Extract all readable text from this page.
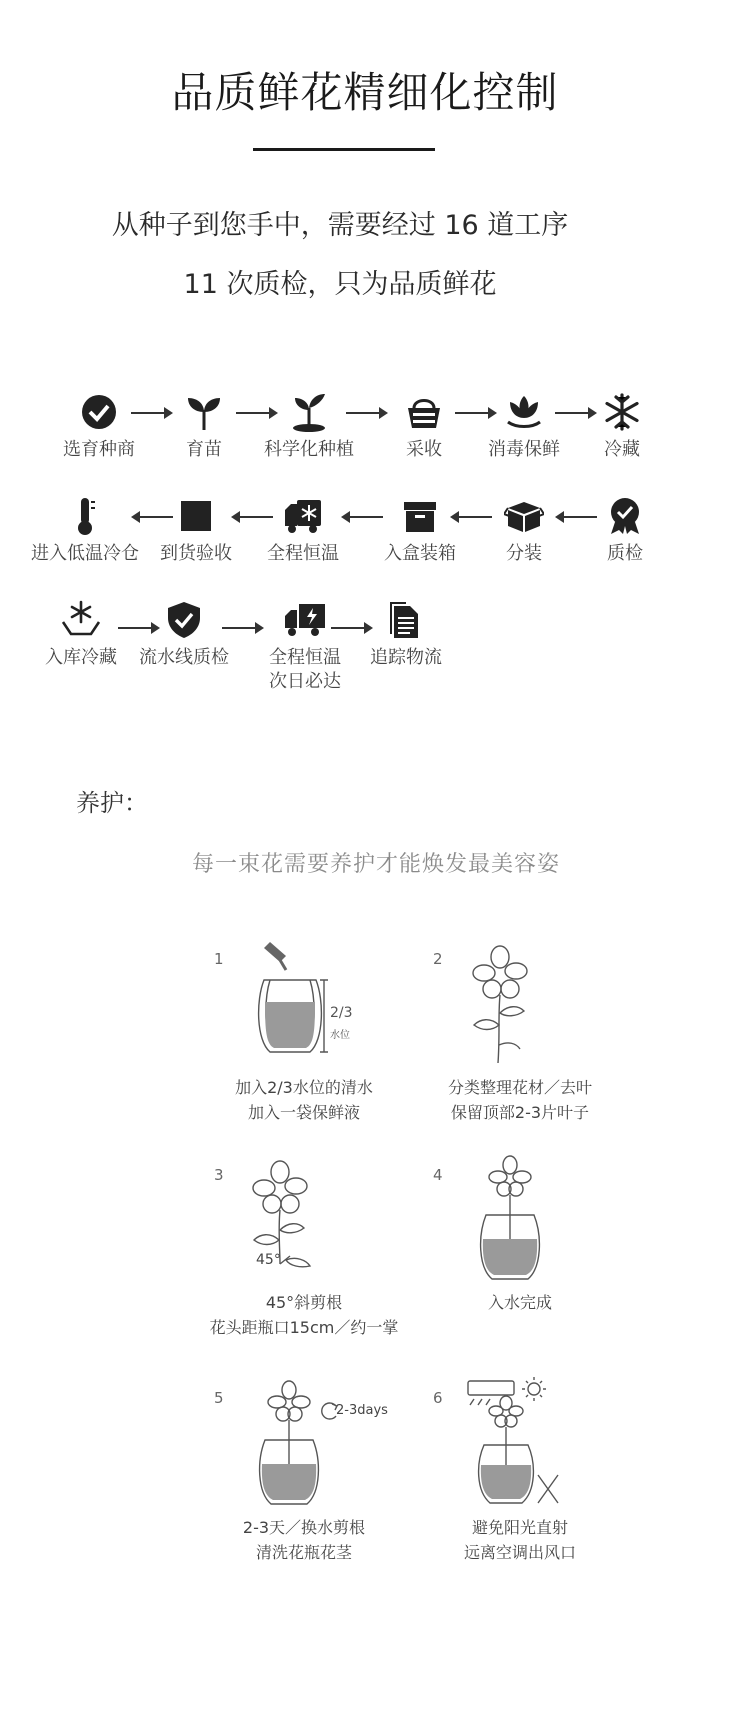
品质鲜花精细化控制
从种子到您手中，需要经过 16 道工序
11 次质检，只为品质鲜花
选育种商	育苗	科学化种植	采收	消毒保鲜	冷藏
进入低温冷仓	到货验收	全程恒温	入盒装箱	分装	质检
入库冷藏	流水线质检	全程恒温
次日必达
追踪物流
养护：
每一束花需要养护才能焕发最美容姿
1
2/3
水位
加入2/3水位的清水
加入一袋保鲜液
2
分类整理花材／去叶
保留顶部2-3片叶子
3
45°
45°斜剪根
花头距瓶口15cm／约一掌
4
入水完成
5
2-3days
2-3天／换水剪根
清洗花瓶花茎
6
避免阳光直射
远离空调出风口
